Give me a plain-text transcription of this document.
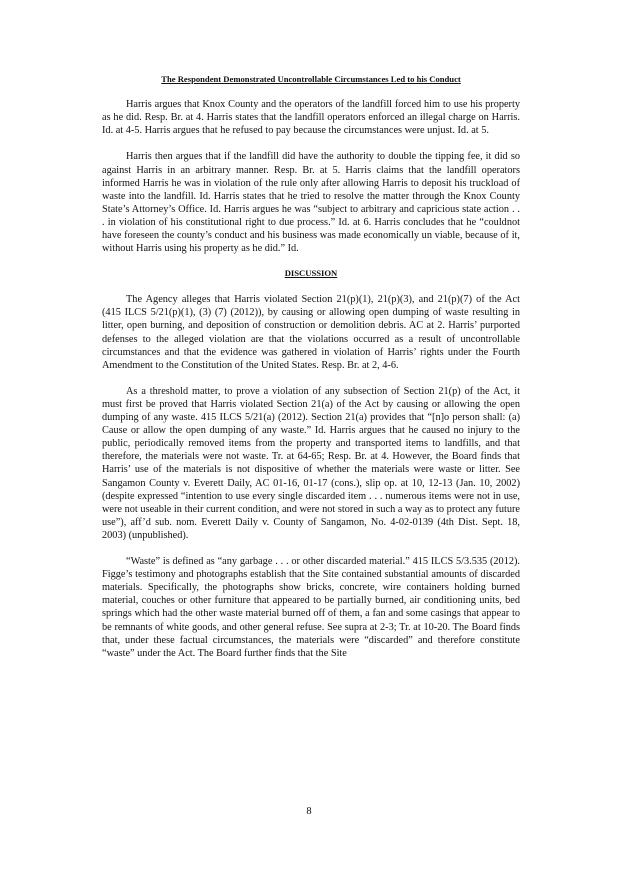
The Respondent Demonstrated Uncontrollable Circumstances Led to his Conduct

Harris argues that Knox County and the operators of the landfill forced him to use his property as he did. Resp. Br. at 4. Harris states that the landfill operators enforced an illegal charge on Harris. Id. at 4-5. Harris argues that he refused to pay because the circumstances were unjust. Id. at 5.

Harris then argues that if the landfill did have the authority to double the tipping fee, it did so against Harris in an arbitrary manner. Resp. Br. at 5. Harris claims that the landfill operators informed Harris he was in violation of the rule only after allowing Harris to deposit his truckload of waste into the landfill. Id. Harris states that he tried to resolve the matter through the Knox County State’s Attorney’s Office. Id. Harris argues he was “subject to arbitrary and capricious state action . . . in violation of his constitutional right to due process.” Id. at 6. Harris concludes that he “couldnot have foreseen the county’s conduct and his business was made economically un viable, because of it, without Harris using his property as he did.” Id.

DISCUSSION

The Agency alleges that Harris violated Section 21(p)(1), 21(p)(3), and 21(p)(7) of the Act (415 ILCS 5/21(p)(1), (3) (7) (2012)), by causing or allowing open dumping of waste resulting in litter, open burning, and deposition of construction or demolition debris. AC at 2. Harris’ purported defenses to the alleged violation are that the violations occurred as a result of uncontrollable circumstances and that the evidence was gathered in violation of Harris’ rights under the Fourth Amendment to the Constitution of the United States. Resp. Br. at 2, 4-6.

As a threshold matter, to prove a violation of any subsection of Section 21(p) of the Act, it must first be proved that Harris violated Section 21(a) of the Act by causing or allowing the open dumping of any waste. 415 ILCS 5/21(a) (2012). Section 21(a) provides that “[n]o person shall: (a) Cause or allow the open dumping of any waste.” Id. Harris argues that he caused no injury to the public, periodically removed items from the property and transported items to landfills, and that therefore, the materials were not waste. Tr. at 64-65; Resp. Br. at 4. However, the Board finds that Harris’ use of the materials is not dispositive of whether the materials were waste or litter. See Sangamon County v. Everett Daily, AC 01-16, 01-17 (cons.), slip op. at 10, 12-13 (Jan. 10, 2002) (despite expressed “intention to use every single discarded item . . . numerous items were not in use, were not useable in their current condition, and were not stored in such a way as to protect any future use”), aff’d sub. nom. Everett Daily v. County of Sangamon, No. 4-02-0139 (4th Dist. Sept. 18, 2003) (unpublished).

“Waste” is defined as “any garbage . . . or other discarded material.” 415 ILCS 5/3.535 (2012). Figge’s testimony and photographs establish that the Site contained substantial amounts of discarded materials. Specifically, the photographs show bricks, concrete, wire containers holding burned material, couches or other furniture that appeared to be partially burned, air conditioning units, bed springs which had the other waste material burned off of them, a fan and some casings that appear to be remnants of white goods, and other general refuse. See supra at 2-3; Tr. at 10-20. The Board finds that, under these factual circumstances, the materials were “discarded” and therefore constitute “waste” under the Act. The Board further finds that the Site

8
